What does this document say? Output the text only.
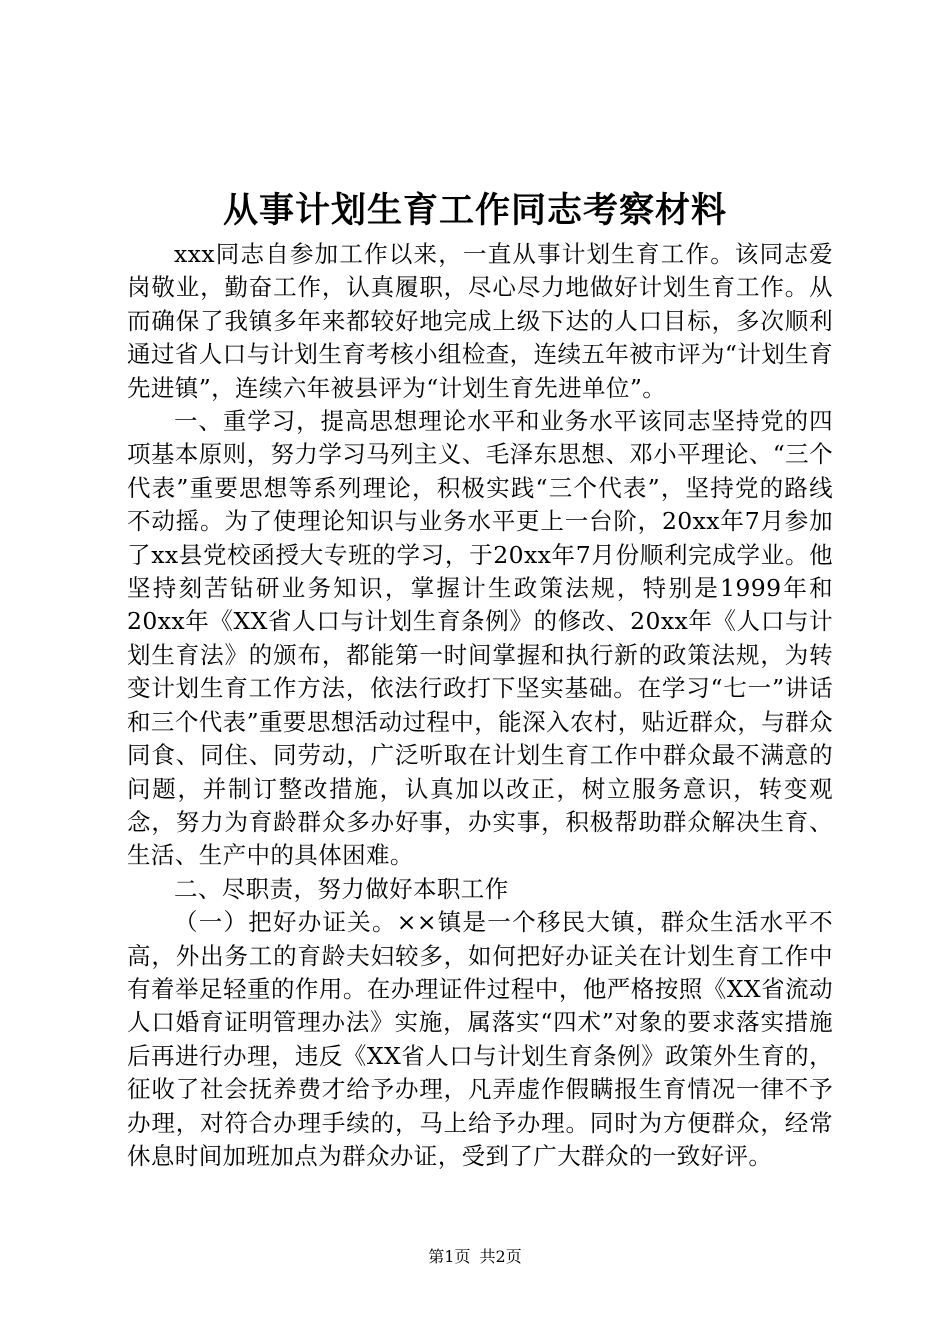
从事计划生育工作同志考察材料

xxx同志自参加工作以来，一直从事计划生育工作。该同志爱岗敬业，勤奋工作，认真履职，尽心尽力地做好计划生育工作。从而确保了我镇多年来都较好地完成上级下达的人口目标，多次顺利通过省人口与计划生育考核小组检查，连续五年被市评为“计划生育先进镇”，连续六年被县评为“计划生育先进单位”。

一、重学习，提高思想理论水平和业务水平该同志坚持党的四项基本原则，努力学习马列主义、毛泽东思想、邓小平理论、“三个代表”重要思想等系列理论，积极实践“三个代表”，坚持党的路线不动摇。为了使理论知识与业务水平更上一台阶，20xx年7月参加了xx县党校函授大专班的学习，于20xx年7月份顺利完成学业。他坚持刻苦钻研业务知识，掌握计生政策法规，特别是1999年和20xx年《XX省人口与计划生育条例》的修改、20xx年《人口与计划生育法》的颁布，都能第一时间掌握和执行新的政策法规，为转变计划生育工作方法，依法行政打下坚实基础。在学习“七一”讲话和三个代表”重要思想活动过程中，能深入农村，贴近群众，与群众同食、同住、同劳动，广泛听取在计划生育工作中群众最不满意的问题，并制订整改措施，认真加以改正，树立服务意识，转变观念，努力为育龄群众多办好事，办实事，积极帮助群众解决生育、生活、生产中的具体困难。

二、尽职责，努力做好本职工作

（一）把好办证关。××镇是一个移民大镇，群众生活水平不高，外出务工的育龄夫妇较多，如何把好办证关在计划生育工作中有着举足轻重的作用。在办理证件过程中，他严格按照《XX省流动人口婚育证明管理办法》实施，属落实“四术”对象的要求落实措施后再进行办理，违反《XX省人口与计划生育条例》政策外生育的，征收了社会抚养费才给予办理，凡弄虚作假瞒报生育情况一律不予办理，对符合办理手续的，马上给予办理。同时为方便群众，经常休息时间加班加点为群众办证，受到了广大群众的一致好评。

第1页 共2页
